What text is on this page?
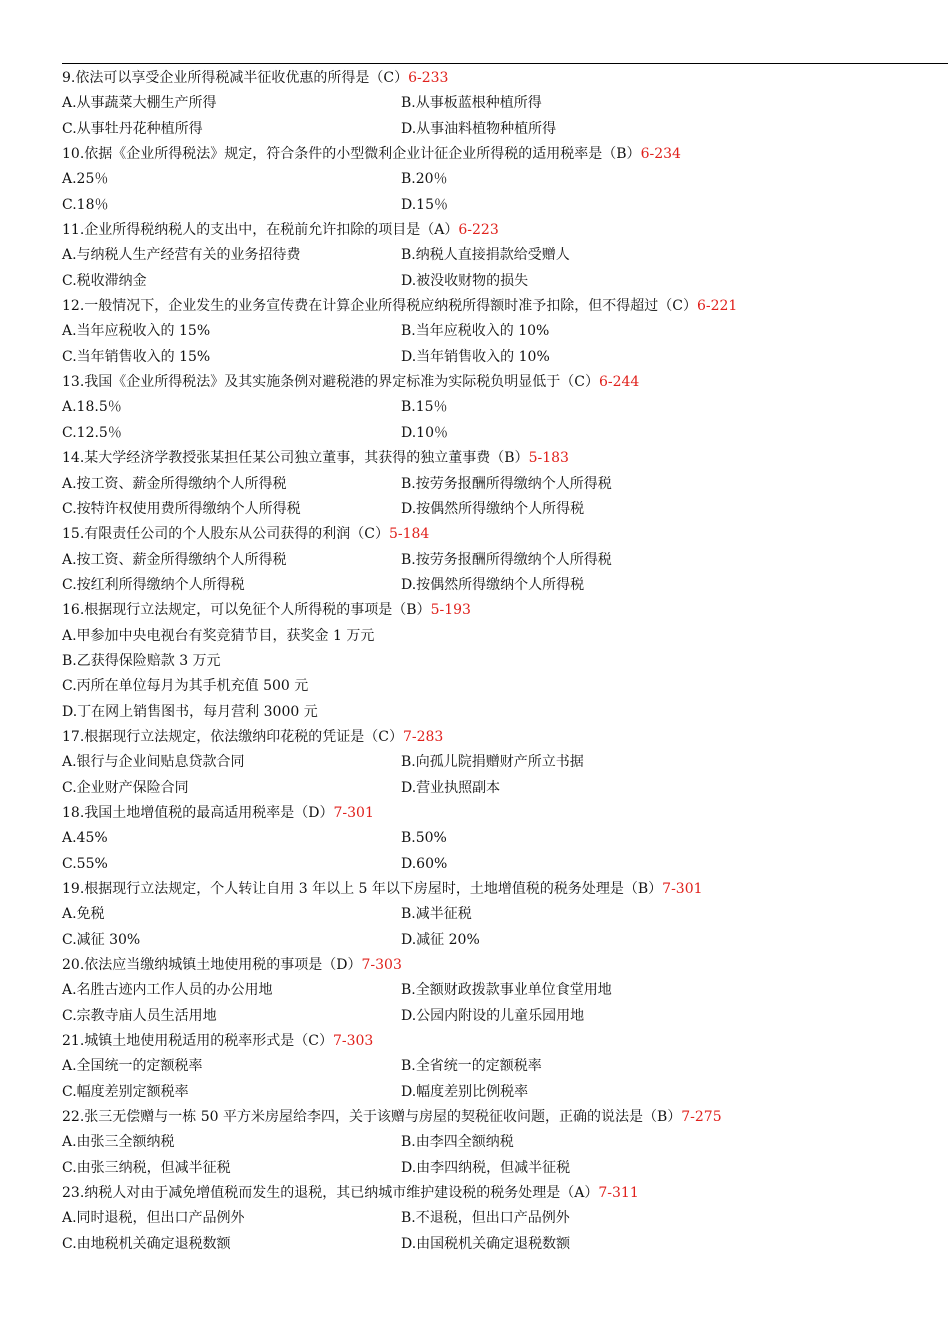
9.依法可以享受企业所得税减半征收优惠的所得是（C）6-233
A.从事蔬菜大棚生产所得	B.从事板蓝根种植所得
C.从事牡丹花种植所得	D.从事油料植物种植所得
10.依据《企业所得税法》规定，符合条件的小型微利企业计征企业所得税的适用税率是（B）6-234
A.25％	B.20％
C.18％	D.15％
11.企业所得税纳税人的支出中，在税前允许扣除的项目是（A）6-223
A.与纳税人生产经营有关的业务招待费	B.纳税人直接捐款给受赠人
C.税收滞纳金	D.被没收财物的损失
12.一般情况下，企业发生的业务宣传费在计算企业所得税应纳税所得额时准予扣除，但不得超过（C）6-221
A.当年应税收入的 15%	B.当年应税收入的 10%
C.当年销售收入的 15%	D.当年销售收入的 10%
13.我国《企业所得税法》及其实施条例对避税港的界定标准为实际税负明显低于（C）6-244
A.18.5％	B.15％
C.12.5％	D.10％
14.某大学经济学教授张某担任某公司独立董事，其获得的独立董事费（B）5-183
A.按工资、薪金所得缴纳个人所得税	B.按劳务报酬所得缴纳个人所得税
C.按特许权使用费所得缴纳个人所得税	D.按偶然所得缴纳个人所得税
15.有限责任公司的个人股东从公司获得的利润（C）5-184
A.按工资、薪金所得缴纳个人所得税	B.按劳务报酬所得缴纳个人所得税
C.按红利所得缴纳个人所得税	D.按偶然所得缴纳个人所得税
16.根据现行立法规定，可以免征个人所得税的事项是（B）5-193
A.甲参加中央电视台有奖竞猜节目，获奖金 1 万元
B.乙获得保险赔款 3 万元
C.丙所在单位每月为其手机充值 500 元
D.丁在网上销售图书，每月营利 3000 元
17.根据现行立法规定，依法缴纳印花税的凭证是（C）7-283
A.银行与企业间贴息贷款合同	B.向孤儿院捐赠财产所立书据
C.企业财产保险合同	D.营业执照副本
18.我国土地增值税的最高适用税率是（D）7-301
A.45%	B.50%
C.55%	D.60%
19.根据现行立法规定，个人转让自用 3 年以上 5 年以下房屋时，土地增值税的税务处理是（B）7-301
A.免税	B.减半征税
C.减征 30%	D.减征 20%
20.依法应当缴纳城镇土地使用税的事项是（D）7-303
A.名胜古迹内工作人员的办公用地	B.全额财政拨款事业单位食堂用地
C.宗教寺庙人员生活用地	D.公园内附设的儿童乐园用地
21.城镇土地使用税适用的税率形式是（C）7-303
A.全国统一的定额税率	B.全省统一的定额税率
C.幅度差别定额税率	D.幅度差别比例税率
22.张三无偿赠与一栋 50 平方米房屋给李四，关于该赠与房屋的契税征收问题，正确的说法是（B）7-275
A.由张三全额纳税	B.由李四全额纳税
C.由张三纳税，但减半征税	D.由李四纳税，但减半征税
23.纳税人对由于减免增值税而发生的退税，其已纳城市维护建设税的税务处理是（A）7-311
A.同时退税，但出口产品例外	B.不退税，但出口产品例外
C.由地税机关确定退税数额	D.由国税机关确定退税数额
